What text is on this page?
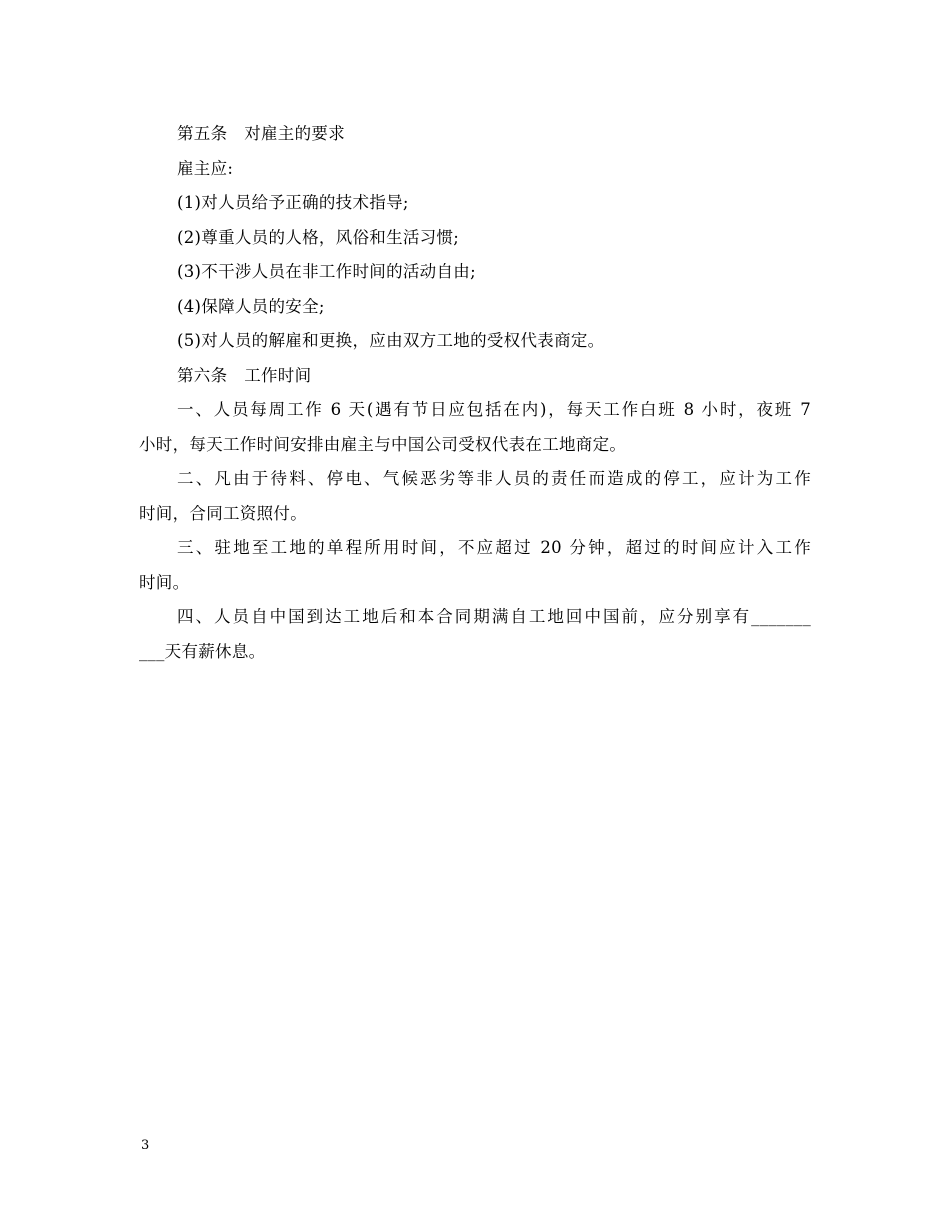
第五条　对雇主的要求
雇主应:
(1)对人员给予正确的技术指导;
(2)尊重人员的人格，风俗和生活习惯;
(3)不干涉人员在非工作时间的活动自由;
(4)保障人员的安全;
(5)对人员的解雇和更换，应由双方工地的受权代表商定。
第六条　工作时间
一、人员每周工作 6 天(遇有节日应包括在内)，每天工作白班 8 小时，夜班 7
小时，每天工作时间安排由雇主与中国公司受权代表在工地商定。
二、凡由于待料、停电、气候恶劣等非人员的责任而造成的停工，应计为工作
时间，合同工资照付。
三、驻地至工地的单程所用时间，不应超过 20 分钟，超过的时间应计入工作
时间。
四、人员自中国到达工地后和本合同期满自工地回中国前，应分别享有_______
___天有薪休息。
3
